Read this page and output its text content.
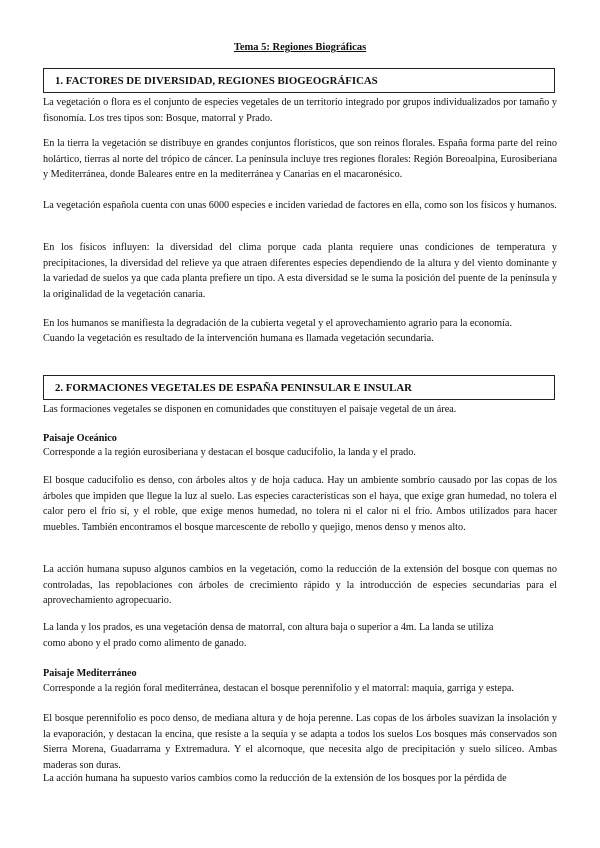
Tema 5: Regiones Biográficas
1. FACTORES DE DIVERSIDAD, REGIONES BIOGEOGRÁFICAS

La vegetación o flora es el conjunto de especies vegetales de un territorio integrado por grupos individualizados por tamaño y fisonomía. Los tres tipos son: Bosque, matorral y Prado.

En la tierra la vegetación se distribuye en grandes conjuntos florísticos, que son reinos florales. España forma parte del reino holártico, tierras al norte del trópico de cáncer. La península incluye tres regiones florales: Región Boreoalpina, Eurosiberiana y Mediterránea, donde Baleares entre en la mediterránea y Canarias en el macaronésico.

La vegetación española cuenta con unas 6000 especies e inciden variedad de factores en ella, como son los físicos y humanos.

En los físicos influyen: la diversidad del clima porque cada planta requiere unas condiciones de temperatura y precipitaciones, la diversidad del relieve ya que atraen diferentes especies dependiendo de la altura y del viento dominante y la variedad de suelos ya que cada planta prefiere un tipo. A esta diversidad se le suma la posición del puente de la península y la originalidad de la vegetación canaria.

En los humanos se manifiesta la degradación de la cubierta vegetal y el aprovechamiento agrario para la economía.

Cuando la vegetación es resultado de la intervención humana es llamada vegetación secundaria.

2. FORMACIONES VEGETALES DE ESPAÑA PENINSULAR E INSULAR

Las formaciones vegetales se disponen en comunidades que constituyen el paisaje vegetal de un área.

Paisaje Oceánico

Corresponde a la región eurosiberiana y destacan el bosque caducifolio, la landa y el prado.

El bosque caducifolio es denso, con árboles altos y de hoja caduca. Hay un ambiente sombrío causado por las copas de los árboles que impiden que llegue la luz al suelo. Las especies características son el haya, que exige gran humedad, no tolera el calor pero el frío sí, y el roble, que exige menos humedad, no tolera ni el calor ni el frío. Ambos utilizados para hacer muebles. También encontramos el bosque marcescente de rebollo y quejigo, menos denso y menos alto.

La acción humana supuso algunos cambios en la vegetación, como la reducción de la extensión del bosque con quemas no controladas, las repoblaciones con árboles de crecimiento rápido y la introducción de especies secundarias para el aprovechamiento agropecuario.

La landa y los prados, es una vegetación densa de matorral, con altura baja o superior a 4m. La landa se utiliza

como abono y el prado como alimento de ganado.

Paisaje Mediterráneo

Corresponde a la región foral mediterránea, destacan el bosque perennifolio y el matorral: maquia, garriga y estepa.

El bosque perennifolio es poco denso, de mediana altura y de hoja perenne. Las copas de los árboles suavizan la insolación y la evaporación, y destacan la encina, que resiste a la sequía y se adapta a todos los suelos Los bosques más conservados son Sierra Morena, Guadarrama y Extremadura. Y el alcornoque, que necesita algo de precipitación y suelo silíceo. Ambas maderas son duras.

La acción humana ha supuesto varios cambios como la reducción de la extensión de los bosques por la pérdida de
